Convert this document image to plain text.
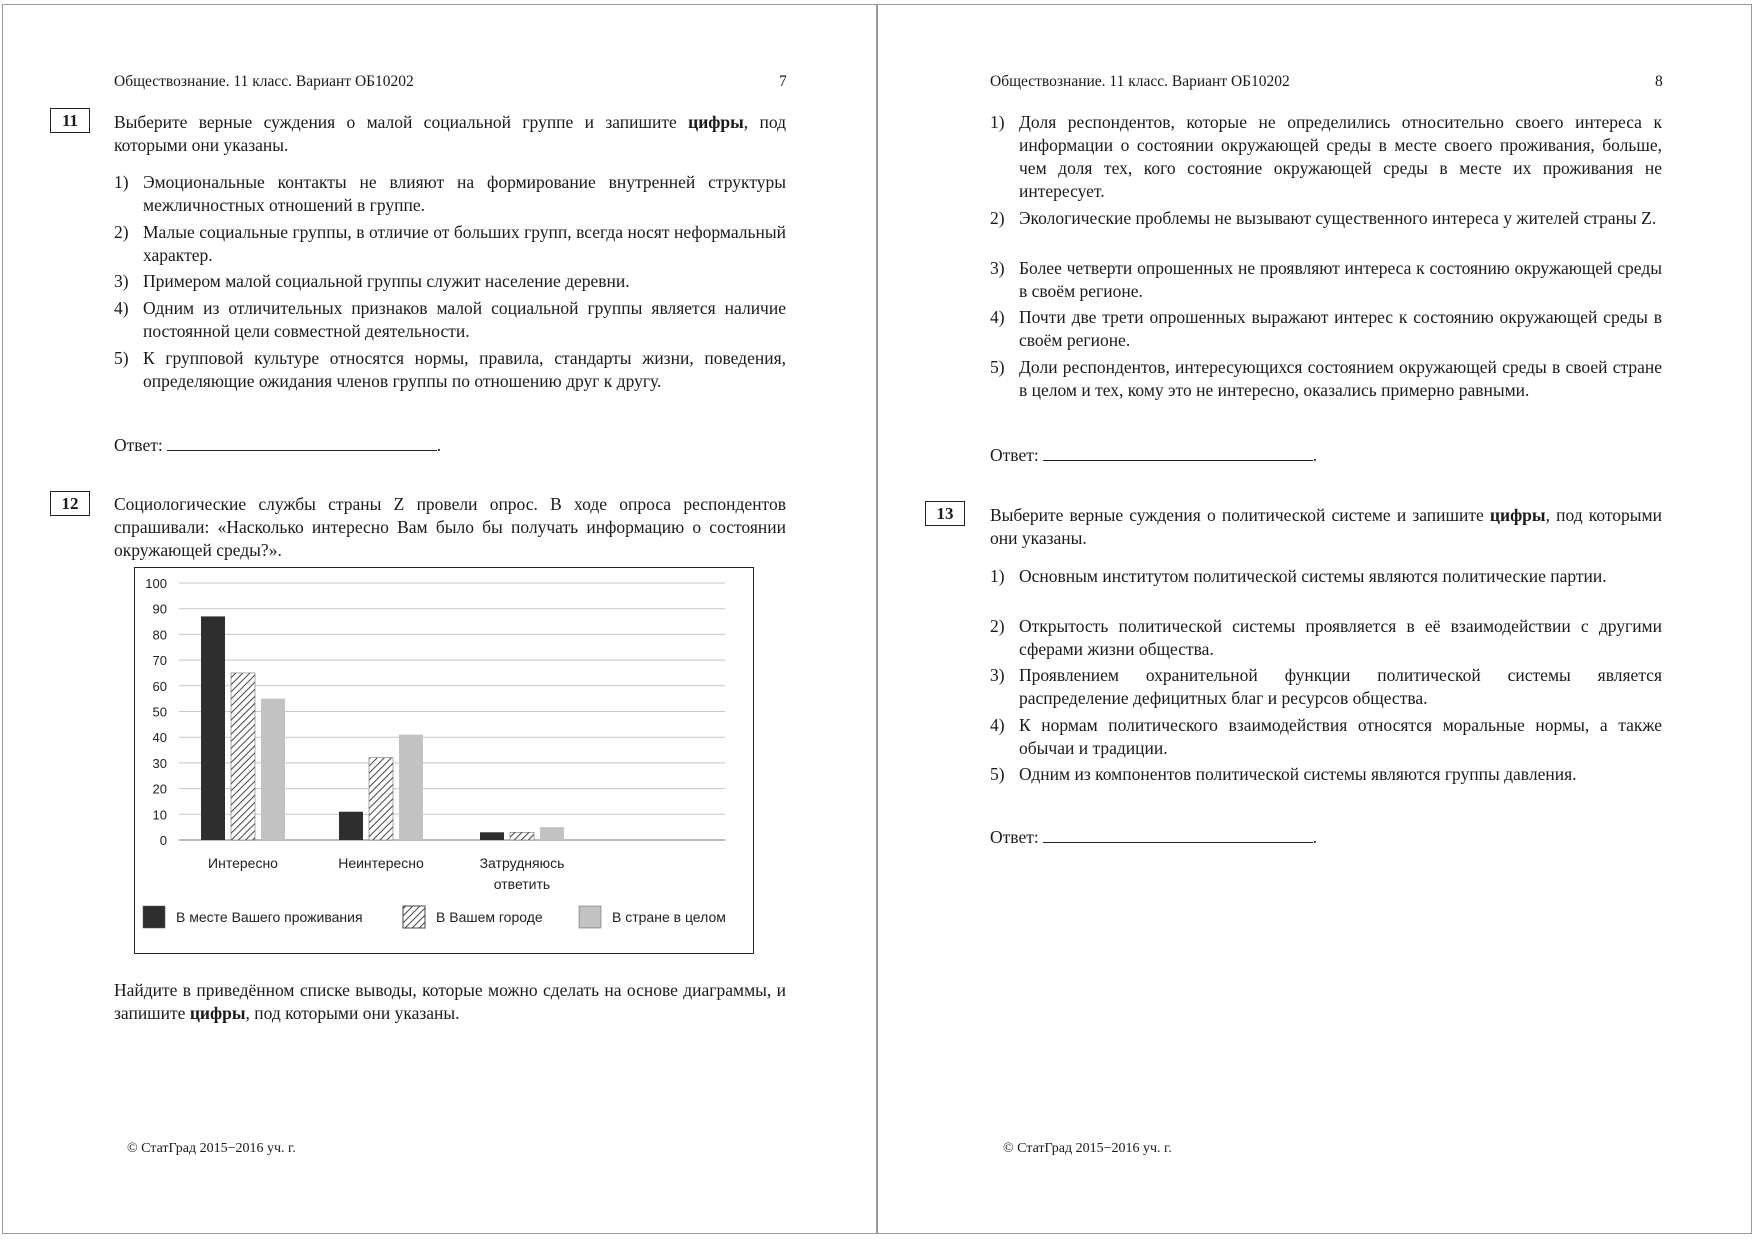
Обществознание. 11 класс. Вариант ОБ10202	7
11	Выберите верные суждения о малой социальной группе и запишите цифры, под которыми они указаны.
1) Эмоциональные контакты не влияют на формирование внутренней структуры межличностных отношений в группе.
2) Малые социальные группы, в отличие от больших групп, всегда носят неформальный характер.
3) Примером малой социальной группы служит население деревни.
4) Одним из отличительных признаков малой социальной группы является наличие постоянной цели совместной деятельности.
5) К групповой культуре относятся нормы, правила, стандарты жизни, поведения, определяющие ожидания членов группы по отношению друг к другу.
Ответ:	.
12	Социологические службы страны Z провели опрос. В ходе опроса респондентов спрашивали: «Насколько интересно Вам было бы получать информацию о состоянии окружающей среды?».
Найдите в приведённом списке выводы, которые можно сделать на основе диаграммы, и запишите цифры, под которыми они указаны.
© СтатГрад 2015−2016 уч. г.
0
10
20
30
40
50
60
70
80
90
100
Интересно	Неинтересно	Затрудняюсь
ответить
В месте Вашего проживания	В Вашем городе	В стране в целом
Обществознание. 11 класс. Вариант ОБ10202	8
1) Доля респондентов, которые не определились относительно своего интереса к информации о состоянии окружающей среды в месте своего проживания, больше, чем доля тех, кого состояние окружающей среды в месте их проживания не интересует.
2) Экологические проблемы не вызывают существенного интереса у жителей страны Z.
3) Более четверти опрошенных не проявляют интереса к состоянию окружающей среды в своём регионе.
4) Почти две трети опрошенных выражают интерес к состоянию окружающей среды в своём регионе.
5) Доли респондентов, интересующихся состоянием окружающей среды в своей стране в целом и тех, кому это не интересно, оказались примерно равными.
Ответ:	.
13	Выберите верные суждения о политической системе и запишите цифры, под которыми они указаны.
1) Основным институтом политической системы являются политические партии.
2) Открытость политической системы проявляется в её взаимодействии с другими сферами жизни общества.
3) Проявлением охранительной функции политической системы является распределение дефицитных благ и ресурсов общества.
4) К нормам политического взаимодействия относятся моральные нормы, а также обычаи и традиции.
5) Одним из компонентов политической системы являются группы давления.
Ответ:	.
© СтатГрад 2015−2016 уч. г.
